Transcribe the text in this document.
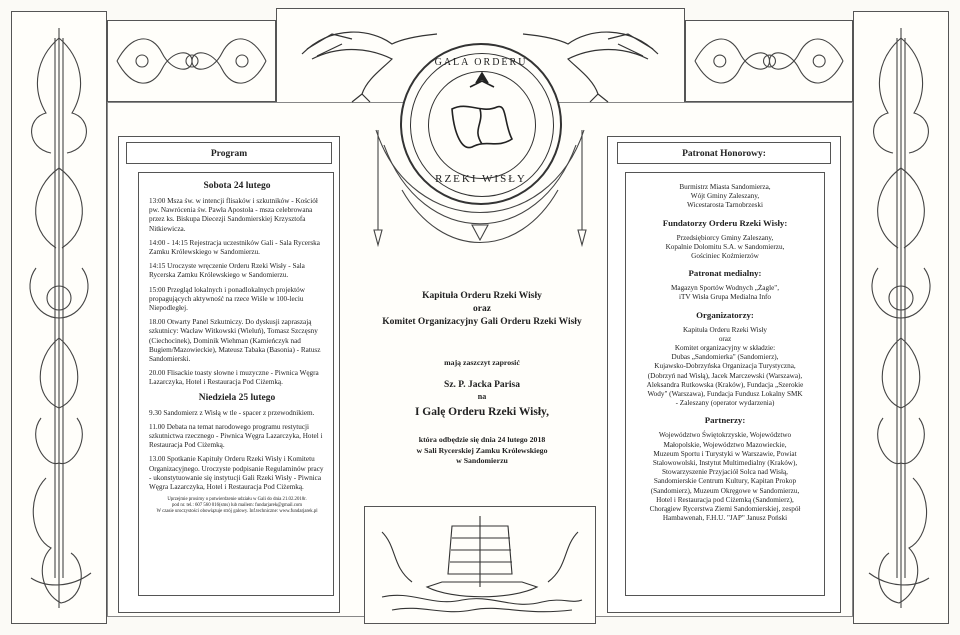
GALA ORDERU
RZEKI WISŁY
Program
Sobota 24 lutego

13:00 Msza św. w intencji flisaków i szkutników - Kościół pw. Nawrócenia św. Pawła Apostoła - msza celebrowana przez ks. Biskupa Diecezji Sandomierskiej Krzysztofa Nitkiewicza.

14:00 - 14:15 Rejestracja uczestników Gali - Sala Rycerska Zamku Królewskiego w Sandomierzu.

14:15 Uroczyste wręczenie Orderu Rzeki Wisły - Sala Rycerska Zamku Królewskiego w Sandomierzu.

15:00 Przegląd lokalnych i ponadlokalnych projektów propagujących aktywność na rzece Wiśle w 100-leciu Niepodległej.

18.00 Otwarty Panel Szkutniczy. Do dyskusji zapraszają szkutnicy: Wacław Witkowski (Wieluń), Tomasz Szczęsny (Ciechocinek), Dominik Wiehman (Kamieńczyk nad Bugiem/Mazowieckie), Mateusz Tabaka (Basonia) - Ratusz Sandomierski.

20.00 Flisackie toasty słowne i muzyczne - Piwnica Węgra Lazarczyka, Hotel i Restauracja Pod Ciżemką.

Niedziela 25 lutego

9.30 Sandomierz z Wisłą w tle - spacer z przewodnikiem.

11.00 Debata na temat narodowego programu restytucji szkutnictwa rzecznego - Piwnica Węgra Lazarczyka, Hotel i Restauracja Pod Ciżemką.

13.00 Spotkanie Kapituły Orderu Rzeki Wisły i Komitetu Organizacyjnego. Uroczyste podpisanie Regulaminów pracy - ukonstytuowanie się instytucji Gali Rzeki Wisły - Piwnica Węgra Lazarczyka, Hotel i Restauracja Pod Ciżemką.

Uprzejmie prosimy o potwierdzenie udziału w Gali do dnia 21.02.2018r.
pod nr. tel.: 607 560 016(sms) lub mailem: fundarjarek@gmail.com
W czasie uroczystości obowiązuje strój galowy. Inf.techniczne: www.fundarjarek.pl
Kapituła Orderu Rzeki Wisły
oraz
Komitet Organizacyjny Gali Orderu Rzeki Wisły
mają zaszczyt zaprosić
Sz. P. Jacka Parisa
na
I Galę Orderu Rzeki Wisły,
która odbędzie się dnia 24 lutego 2018
w Sali Rycerskiej Zamku Królewskiego
w Sandomierzu
Patronat Honorowy:
Burmistrz Miasta Sandomierza,
Wójt Gminy Zaleszany,
Wicestarosta Tarnobrzeski
Fundatorzy Orderu Rzeki Wisły:
Przedsiębiorcy Gminy Zaleszany,
Kopalnie Dolomitu S.A. w Sandomierzu,
Gościniec Koźmierzów
Patronat medialny:
Magazyn Sportów Wodnych „Żagle",
iTV Wisła Grupa Medialna Info
Organizatorzy:
Kapituła Orderu Rzeki Wisły
oraz
Komitet organizacyjny w składzie:
Dubas „Sandomierka" (Sandomierz),
Kujawsko-Dobrzyńska Organizacja Turystyczna,
(Dobrzyń nad Wisłą), Jacek Marczewski (Warszawa),
Aleksandra Rutkowska (Kraków), Fundacja „Szerokie
Wody" (Warszawa), Fundacja Fundusz Lokalny SMK
- Zaleszany (operator wydarzenia)
Partnerzy:
Województwo Świętokrzyskie, Województwo
Małopolskie, Województwo Mazowieckie,
Muzeum Sportu i Turystyki w Warszawie, Powiat
Stalowowolski, Instytut Multimedialny (Kraków),
Stowarzyszenie Przyjaciół Solca nad Wisłą,
Sandomierskie Centrum Kultury, Kapitan Prokop
(Sandomierz), Muzeum Okręgowe w Sandomierzu,
Hotel i Restauracja pod Ciżemką (Sandomierz),
Chorągiew Rycerstwa Ziemi Sandomierskiej, zespół
Hambawenah, F.H.U. "JAP" Janusz Poński
